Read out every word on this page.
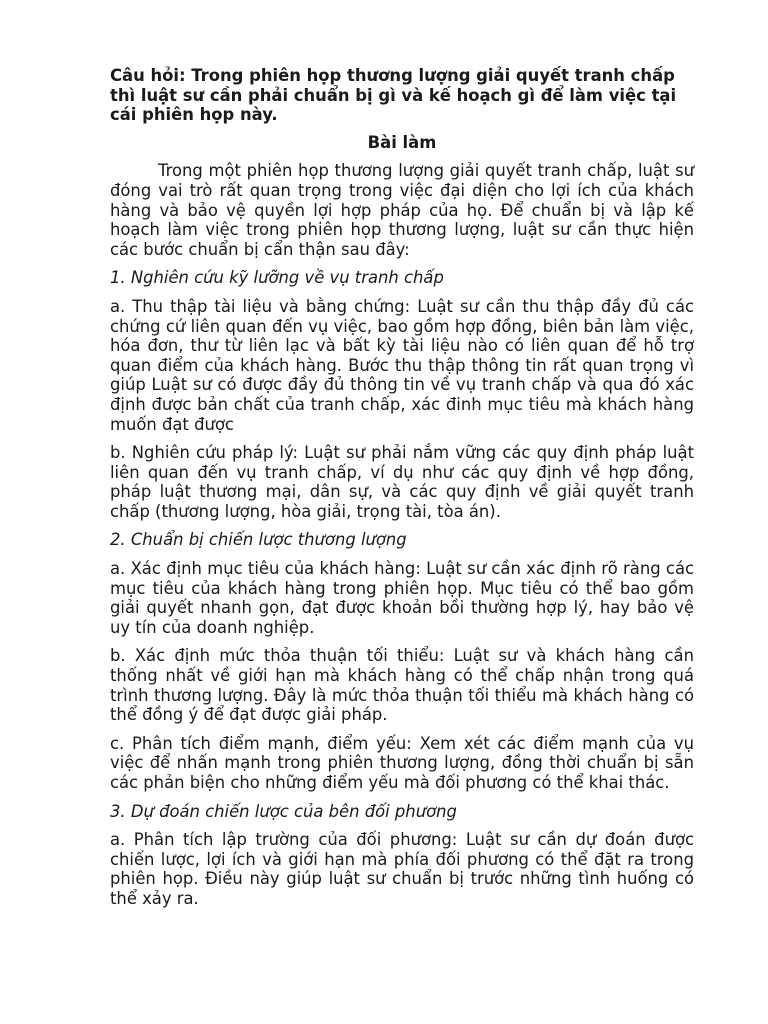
Câu hỏi: Trong phiên họp thương lượng giải quyết tranh chấp thì luật sư cần phải chuẩn bị gì và kế hoạch gì để làm việc tại cái phiên họp này.

Bài làm

Trong một phiên họp thương lượng giải quyết tranh chấp, luật sư đóng vai trò rất quan trọng trong việc đại diện cho lợi ích của khách hàng và bảo vệ quyền lợi hợp pháp của họ. Để chuẩn bị và lập kế hoạch làm việc trong phiên họp thương lượng, luật sư cần thực hiện các bước chuẩn bị cẩn thận sau đây:

1. Nghiên cứu kỹ lưỡng về vụ tranh chấp

a. Thu thập tài liệu và bằng chứng: Luật sư cần thu thập đầy đủ các chứng cứ liên quan đến vụ việc, bao gồm hợp đồng, biên bản làm việc, hóa đơn, thư từ liên lạc và bất kỳ tài liệu nào có liên quan để hỗ trợ quan điểm của khách hàng. Bước thu thập thông tin rất quan trọng vì giúp Luật sư có được đầy đủ thông tin về vụ tranh chấp và qua đó xác định được bản chất của tranh chấp, xác đinh mục tiêu mà khách hàng muốn đạt được

b. Nghiên cứu pháp lý: Luật sư phải nắm vững các quy định pháp luật liên quan đến vụ tranh chấp, ví dụ như các quy định về hợp đồng, pháp luật thương mại, dân sự, và các quy định về giải quyết tranh chấp (thương lượng, hòa giải, trọng tài, tòa án).

2. Chuẩn bị chiến lược thương lượng

a. Xác định mục tiêu của khách hàng: Luật sư cần xác định rõ ràng các mục tiêu của khách hàng trong phiên họp. Mục tiêu có thể bao gồm giải quyết nhanh gọn, đạt được khoản bồi thường hợp lý, hay bảo vệ uy tín của doanh nghiệp.

b. Xác định mức thỏa thuận tối thiểu: Luật sư và khách hàng cần thống nhất về giới hạn mà khách hàng có thể chấp nhận trong quá trình thương lượng. Đây là mức thỏa thuận tối thiểu mà khách hàng có thể đồng ý để đạt được giải pháp.

c. Phân tích điểm mạnh, điểm yếu: Xem xét các điểm mạnh của vụ việc để nhấn mạnh trong phiên thương lượng, đồng thời chuẩn bị sẵn các phản biện cho những điểm yếu mà đối phương có thể khai thác.

3. Dự đoán chiến lược của bên đối phương

a. Phân tích lập trường của đối phương: Luật sư cần dự đoán được chiến lược, lợi ích và giới hạn mà phía đối phương có thể đặt ra trong phiên họp. Điều này giúp luật sư chuẩn bị trước những tình huống có thể xảy ra.
